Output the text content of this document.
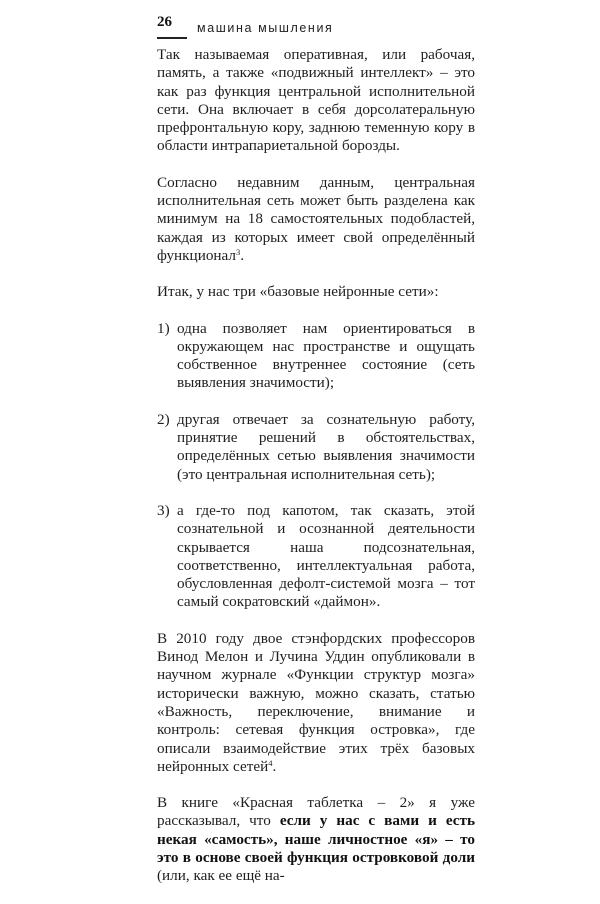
26 машина мышления

Так называемая оперативная, или рабочая, память, а также «подвижный интеллект» – это как раз функция центральной исполнительной сети. Она включает в себя дорсолатеральную префронтальную кору, заднюю теменную кору в области интрапариетальной борозды.

Согласно недавним данным, центральная исполнительная сеть может быть разделена как минимум на 18 самостоятельных подобластей, каждая из которых имеет свой определённый функционал$^3$.

Итак, у нас три «базовые нейронные сети»:

1) одна позволяет нам ориентироваться в окружающем нас пространстве и ощущать собственное внутреннее состояние (сеть выявления значимости);
2) другая отвечает за сознательную работу, принятие решений в обстоятельствах, определённых сетью выявления значимости (это центральная исполнительная сеть);
3) а где-то под капотом, так сказать, этой сознательной и осознанной деятельности скрывается наша подсознательная, соответственно, интеллектуальная работа, обусловленная дефолт-системой мозга – тот самый сократовский «даймон».

В 2010 году двое стэнфордских профессоров Винод Мелон и Лучина Уддин опубликовали в научном журнале «Функции структур мозга» исторически важную, можно сказать, статью «Важность, переключение, внимание и контроль: сетевая функция островка», где описали взаимодействие этих трёх базовых нейронных сетей$^4$.

В книге «Красная таблетка – 2» я уже рассказывал, что если у нас с вами и есть некая «самость», наше личностное «я» – то это в основе своей функция островковой доли (или, как ее ещё на-
